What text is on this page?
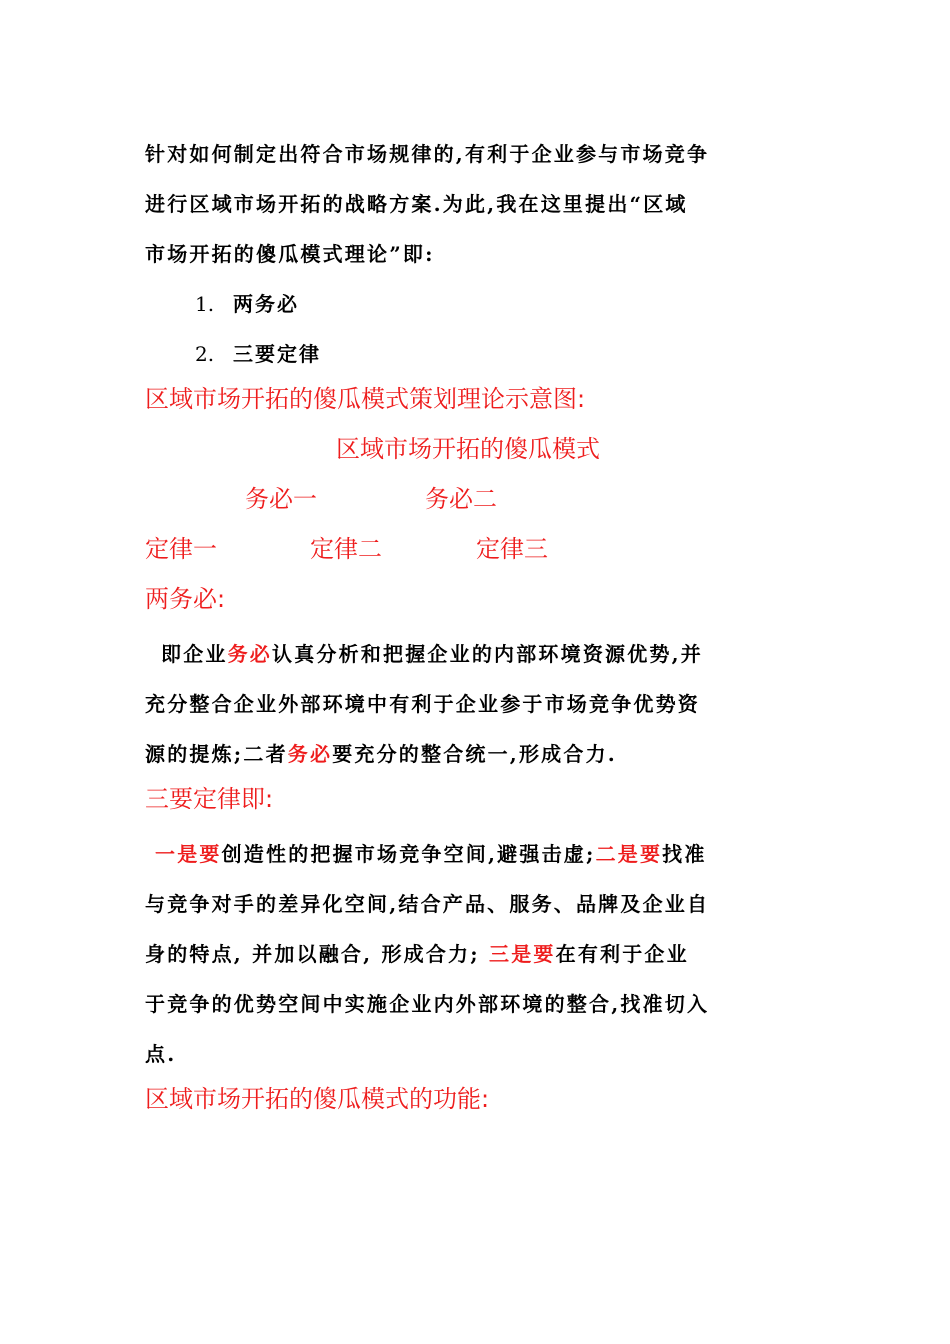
针对如何制定出符合市场规律的,有利于企业参与市场竞争
进行区域市场开拓的战略方案.为此,我在这里提出“区域
市场开拓的傻瓜模式理论”即:
1. 两务必
2. 三要定律
区域市场开拓的傻瓜模式策划理论示意图:
区域市场开拓的傻瓜模式
务必一	务必二
定律一	定律二	定律三
两务必:
即企业务必认真分析和把握企业的内部环境资源优势,并
充分整合企业外部环境中有利于企业参于市场竞争优势资
源的提炼;二者务必要充分的整合统一,形成合力.
三要定律即:
一是要创造性的把握市场竞争空间,避强击虚;二是要找准
与竞争对手的差异化空间,结合产品、服务、品牌及企业自
身的特点, 并加以融合, 形成合力; 三是要在有利于企业
于竞争的优势空间中实施企业内外部环境的整合,找准切入
点.
区域市场开拓的傻瓜模式的功能:
